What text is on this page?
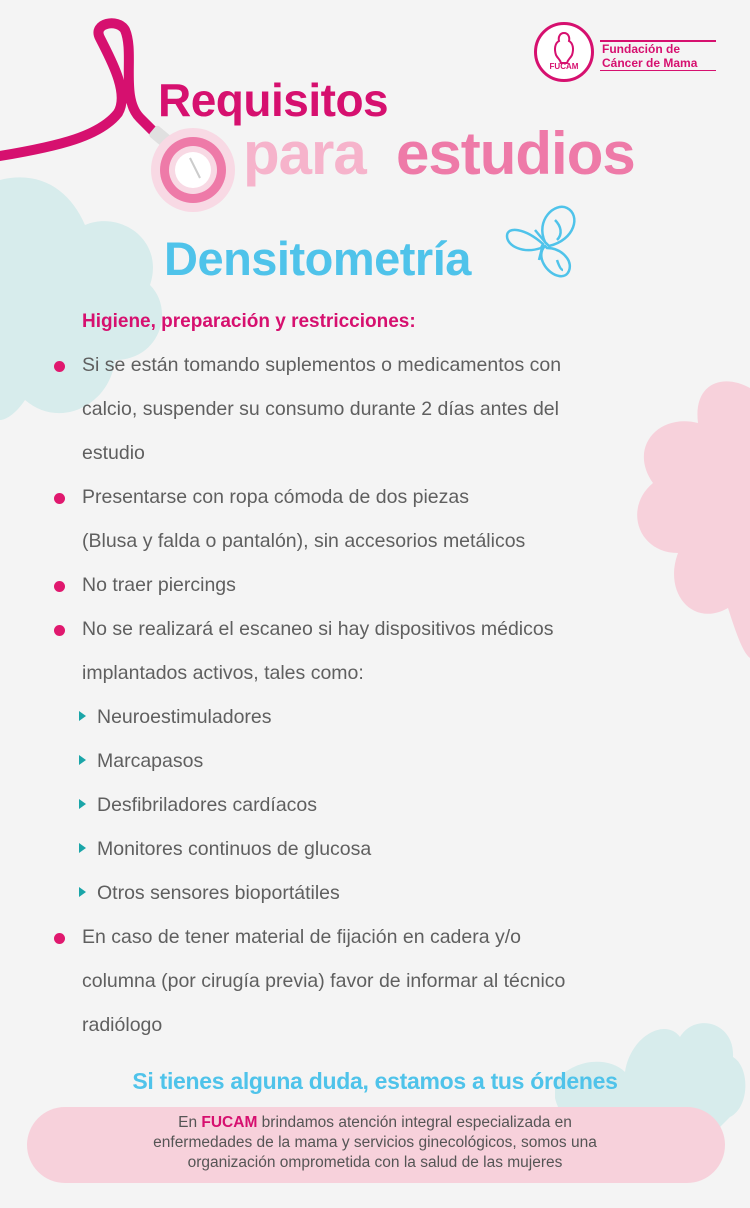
FUCAM
Fundación de
Cáncer de Mama
Requisitos
para estudios
Densitometría
Higiene, preparación y restricciones:
Si se están tomando suplementos o medicamentos con
calcio, suspender su consumo durante 2 días antes del
estudio
Presentarse con ropa cómoda de dos piezas
(Blusa y falda o pantalón), sin accesorios metálicos
No traer piercings
No se realizará el escaneo si hay dispositivos médicos
implantados activos, tales como:
Neuroestimuladores
Marcapasos
Desfibriladores cardíacos
Monitores continuos de glucosa
Otros sensores bioportátiles
En caso de tener material de fijación en cadera y/o
columna (por cirugía previa) favor de informar al técnico
radiólogo
Si tienes alguna duda, estamos a tus órdenes
En FUCAM brindamos atención integral especializada en
enfermedades de la mama y servicios ginecológicos, somos una
organización omprometida con la salud de las mujeres
